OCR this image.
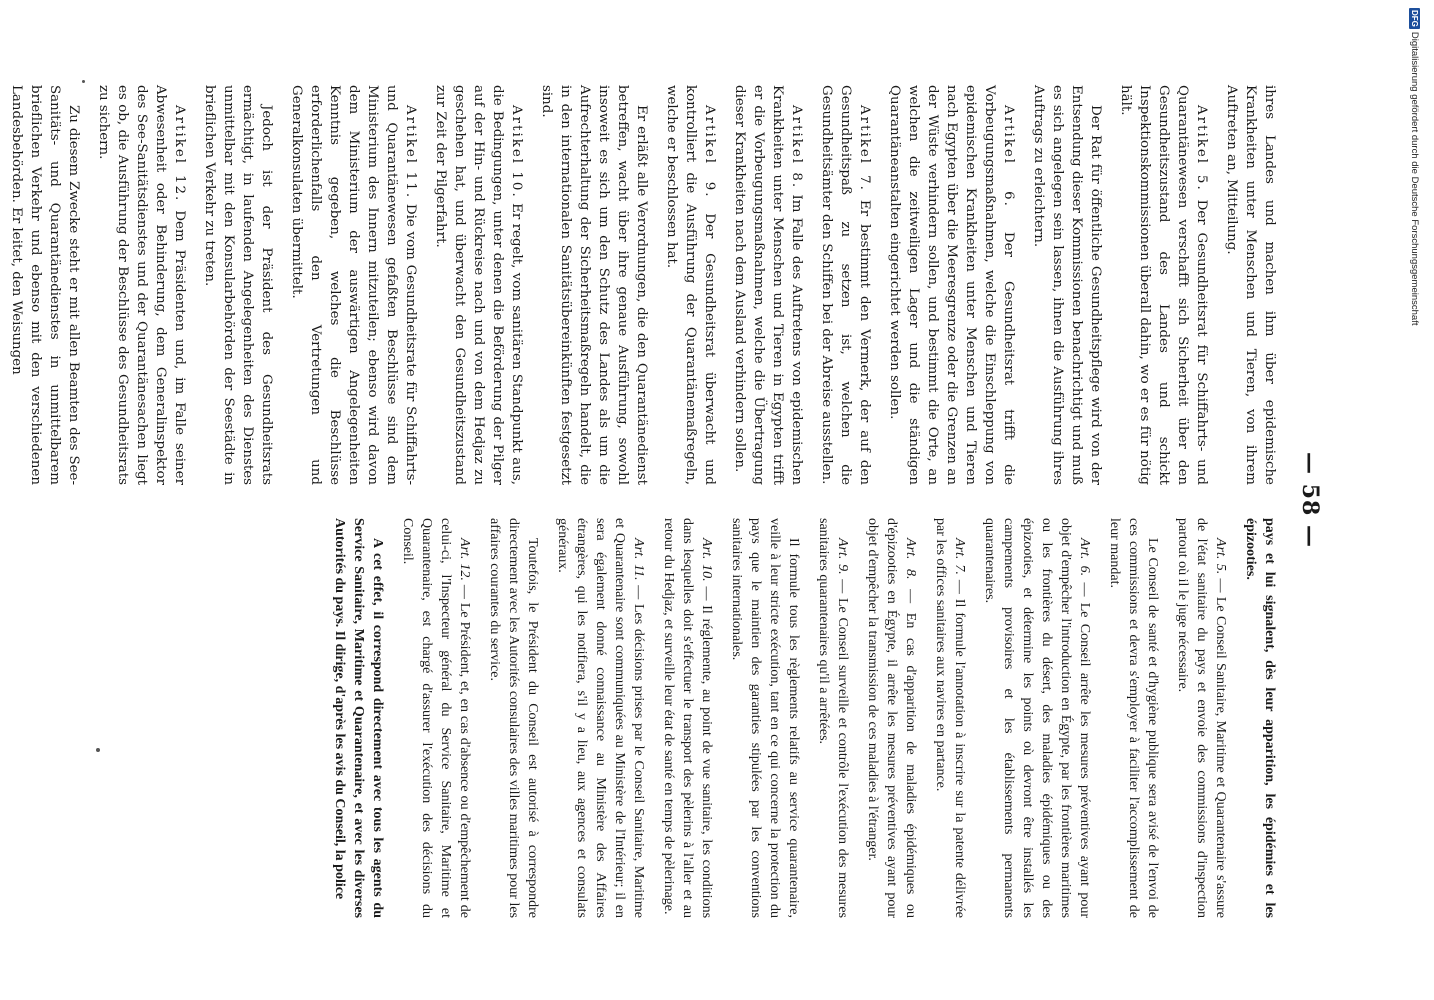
— 58 —

ihres Landes und machen ihm über epidemische Krankheiten unter Menschen und Tieren, von ihrem Auftreten an, Mitteilung.

Artikel 5. Der Gesundheitsrat für Schiffahrts- und Quarantänewesen verschafft sich Sicherheit über den Gesundheitszustand des Landes und schickt Inspektionskommissionen überall dahin, wo er es für nötig hält.

Der Rat für öffentliche Gesundheitspflege wird von der Entsendung dieser Kommissionen benachrichtigt und muß es sich angelegen sein lassen, ihnen die Ausführung ihres Auftrags zu erleichtern.

Artikel 6. Der Gesundheitsrat trifft die Vorbeugungsmaßnahmen, welche die Einschleppung von epidemischen Krankheiten unter Menschen und Tieren nach Egypten über die Meeresgrenze oder die Grenzen an der Wüste verhindern sollen, und bestimmt die Orte, an welchen die zeitweiligen Lager und die ständigen Quarantäneanstalten eingerichtet werden sollen.

Artikel 7. Er bestimmt den Vermerk, der auf den Gesundheitspaß zu setzen ist, welchen die Gesundheitsämter den Schiffen bei der Abreise ausstellen.

Artikel 8. Im Falle des Auftretens von epidemischen Krankheiten unter Menschen und Tieren in Egypten trifft er die Vorbeugungsmaßnahmen, welche die Übertragung dieser Krankheiten nach dem Ausland verhindern sollen.

Artikel 9. Der Gesundheitsrat überwacht und kontrolliert die Ausführung der Quarantänemaßregeln, welche er beschlossen hat.

Er erläßt alle Verordnungen, die den Quarantänedienst betreffen, wacht über ihre genaue Ausführung, sowohl insoweit es sich um den Schutz des Landes als um die Aufrechterhaltung der Sicherheitsmaßregeln handelt, die in den internationalen Sanitätsübereinkünften festgesetzt sind.

Artikel 10. Er regelt, vom sanitären Standpunkt aus, die Bedingungen, unter denen die Beförderung der Pilger auf der Hin- und Rückreise nach und von dem Hedjaz zu geschehen hat, und überwacht den Gesundheitszustand zur Zeit der Pilgerfahrt.

Artikel 11. Die vom Gesundheitsrate für Schiffahrts- und Quarantänewesen gefaßten Beschlüsse sind dem Ministerium des Innern mitzuteilen; ebenso wird davon dem Ministerium der auswärtigen Angelegenheiten Kenntnis gegeben, welches die Beschlüsse erforderlichenfalls den Vertretungen und Generalkonsulaten übermittelt.

Jedoch ist der Präsident des Gesundheitsrats ermächtigt, in laufenden Angelegenheiten des Dienstes unmittelbar mit den Konsularbehörden der Seestädte in brieflichen Verkehr zu treten.

Artikel 12. Dem Präsidenten und, im Falle seiner Abwesenheit oder Behinderung, dem Generalinspektor des See-Sanitätsdienstes und der Quarantänesachen liegt es ob, die Ausführung der Beschlüsse des Gesundheitsrats zu sichern.

Zu diesem Zwecke steht er mit allen Beamten des See-Sanitäts- und Quarantänedienstes in unmittelbarem brieflichen Verkehr und ebenso mit den verschiedenen Landesbehörden. Er leitet, den Weisungen

pays et lui signalent, dès leur apparition, les épidémies et les épizooties.

Art. 5. — Le Conseil Sanitaire, Maritime et Quarantenaire s'assure de l'état sanitaire du pays et envoie des commissions d'inspection partout où il le juge nécessaire.

Le Conseil de santé et d'hygiène publique sera avisé de l'envoi de ces commissions et devra s'employer à faciliter l'accomplissement de leur mandat.

Art. 6. — Le Conseil arrête les mesures préventives ayant pour objet d'empêcher l'introduction en Égypte, par les frontières maritimes ou les frontières du désert, des maladies épidémiques ou des épizooties, et détermine les points où devront être installés les campements provisoires et les établissements permanents quarantenaires.

Art. 7. — Il formule l'annotation à inscrire sur la patente délivrée par les offices sanitaires aux navires en partance.

Art. 8. — En cas d'apparition de maladies épidémiques ou d'épizooties en Égypte, il arrête les mesures préventives ayant pour objet d'empêcher la transmission de ces maladies à l'étranger.

Art. 9. — Le Conseil surveille et contrôle l'exécution des mesures sanitaires quarantenaires qu'il a arrêtées.

Il formule tous les règlements relatifs au service quarantenaire, veille à leur stricte exécution, tant en ce qui concerne la protection du pays que le maintien des garanties stipulées par les conventions sanitaires internationales.

Art. 10. — Il réglemente, au point de vue sanitaire, les conditions dans lesquelles doit s'effectuer le transport des pèlerins à l'aller et au retour du Hedjaz, et surveille leur état de santé en temps de pèlerinage.

Art. 11. — Les décisions prises par le Conseil Sanitaire, Maritime et Quarantenaire sont communiquées au Ministère de l'Intérieur; il en sera également donné connaissance au Ministère des Affaires étrangères, qui les notifiera, s'il y a lieu, aux agences et consulats généraux.

Toutefois, le Président du Conseil est autorisé à correspondre directement avec les Autorités consulaires des villes maritimes pour les affaires courantes du service.

Art. 12. — Le Président, et, en cas d'absence ou d'empêchement de celui-ci, l'Inspecteur général du Service Sanitaire, Maritime et Quarantenaire, est chargé d'assurer l'exécution des décisions du Conseil.

A cet effet, il correspond directement avec tous les agents du Service Sanitaire, Maritime et Quarantenaire, et avec les diverses Autorités du pays. Il dirige, d'après les avis du Conseil, la police

DFGDigitalisierung gefördert durch die Deutsche Forschungsgemeinschaft
